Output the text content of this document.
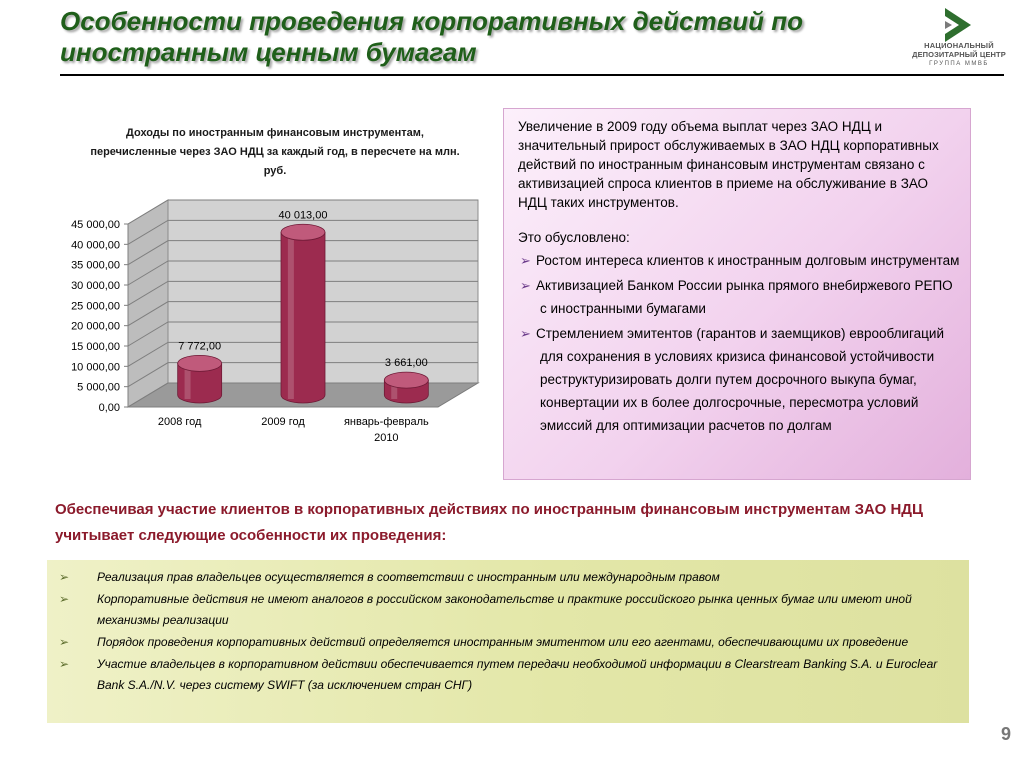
Особенности проведения корпоративных действий по иностранным ценным бумагам	НАЦИОНАЛЬНЫЙ
ДЕПОЗИТАРНЫЙ ЦЕНТР
ГРУППА ММВБ

Доходы по иностранным финансовым инструментам, перечисленные через ЗАО НДЦ за каждый год, в пересчете на млн. руб.

0,00
5 000,00
10 000,00
15 000,00
20 000,00
25 000,00
30 000,00
35 000,00
40 000,00
45 000,00
7 772,00
40 013,00
3 661,00
2008 год	2009 год	январь-февраль
2010

Увеличение в 2009 году объема выплат через ЗАО НДЦ и значительный прирост обслуживаемых в ЗАО НДЦ корпоративных действий по иностранным финансовым инструментам связано с активизацией спроса клиентов в приеме на обслуживание в ЗАО НДЦ таких инструментов.

Это обусловлено:

➢ Ростом интереса клиентов к иностранным долговым инструментам
➢ Активизацией Банком России рынка прямого внебиржевого РЕПО с иностранными бумагами
➢ Стремлением эмитентов (гарантов и заемщиков) еврооблигаций для сохранения в условиях кризиса финансовой устойчивости реструктуризировать долги путем досрочного выкупа бумаг, конвертации их в более долгосрочные, пересмотра условий эмиссий для оптимизации расчетов по долгам

Обеспечивая участие клиентов в корпоративных действиях по иностранным финансовым инструментам ЗАО НДЦ учитывает следующие особенности их проведения:

➢ Реализация прав владельцев осуществляется в соответствии с иностранным или международным правом
➢ Корпоративные действия не имеют аналогов в российском законодательстве и практике российского рынка ценных бумаг или имеют иной механизмы реализации
➢ Порядок проведения корпоративных действий определяется иностранным эмитентом или его агентами, обеспечивающими их проведение
➢ Участие владельцев в корпоративном действии обеспечивается путем передачи необходимой информации в Clearstream Banking S.A. и Euroclear Bank S.A./N.V. через систему SWIFT (за исключением стран СНГ)
9
